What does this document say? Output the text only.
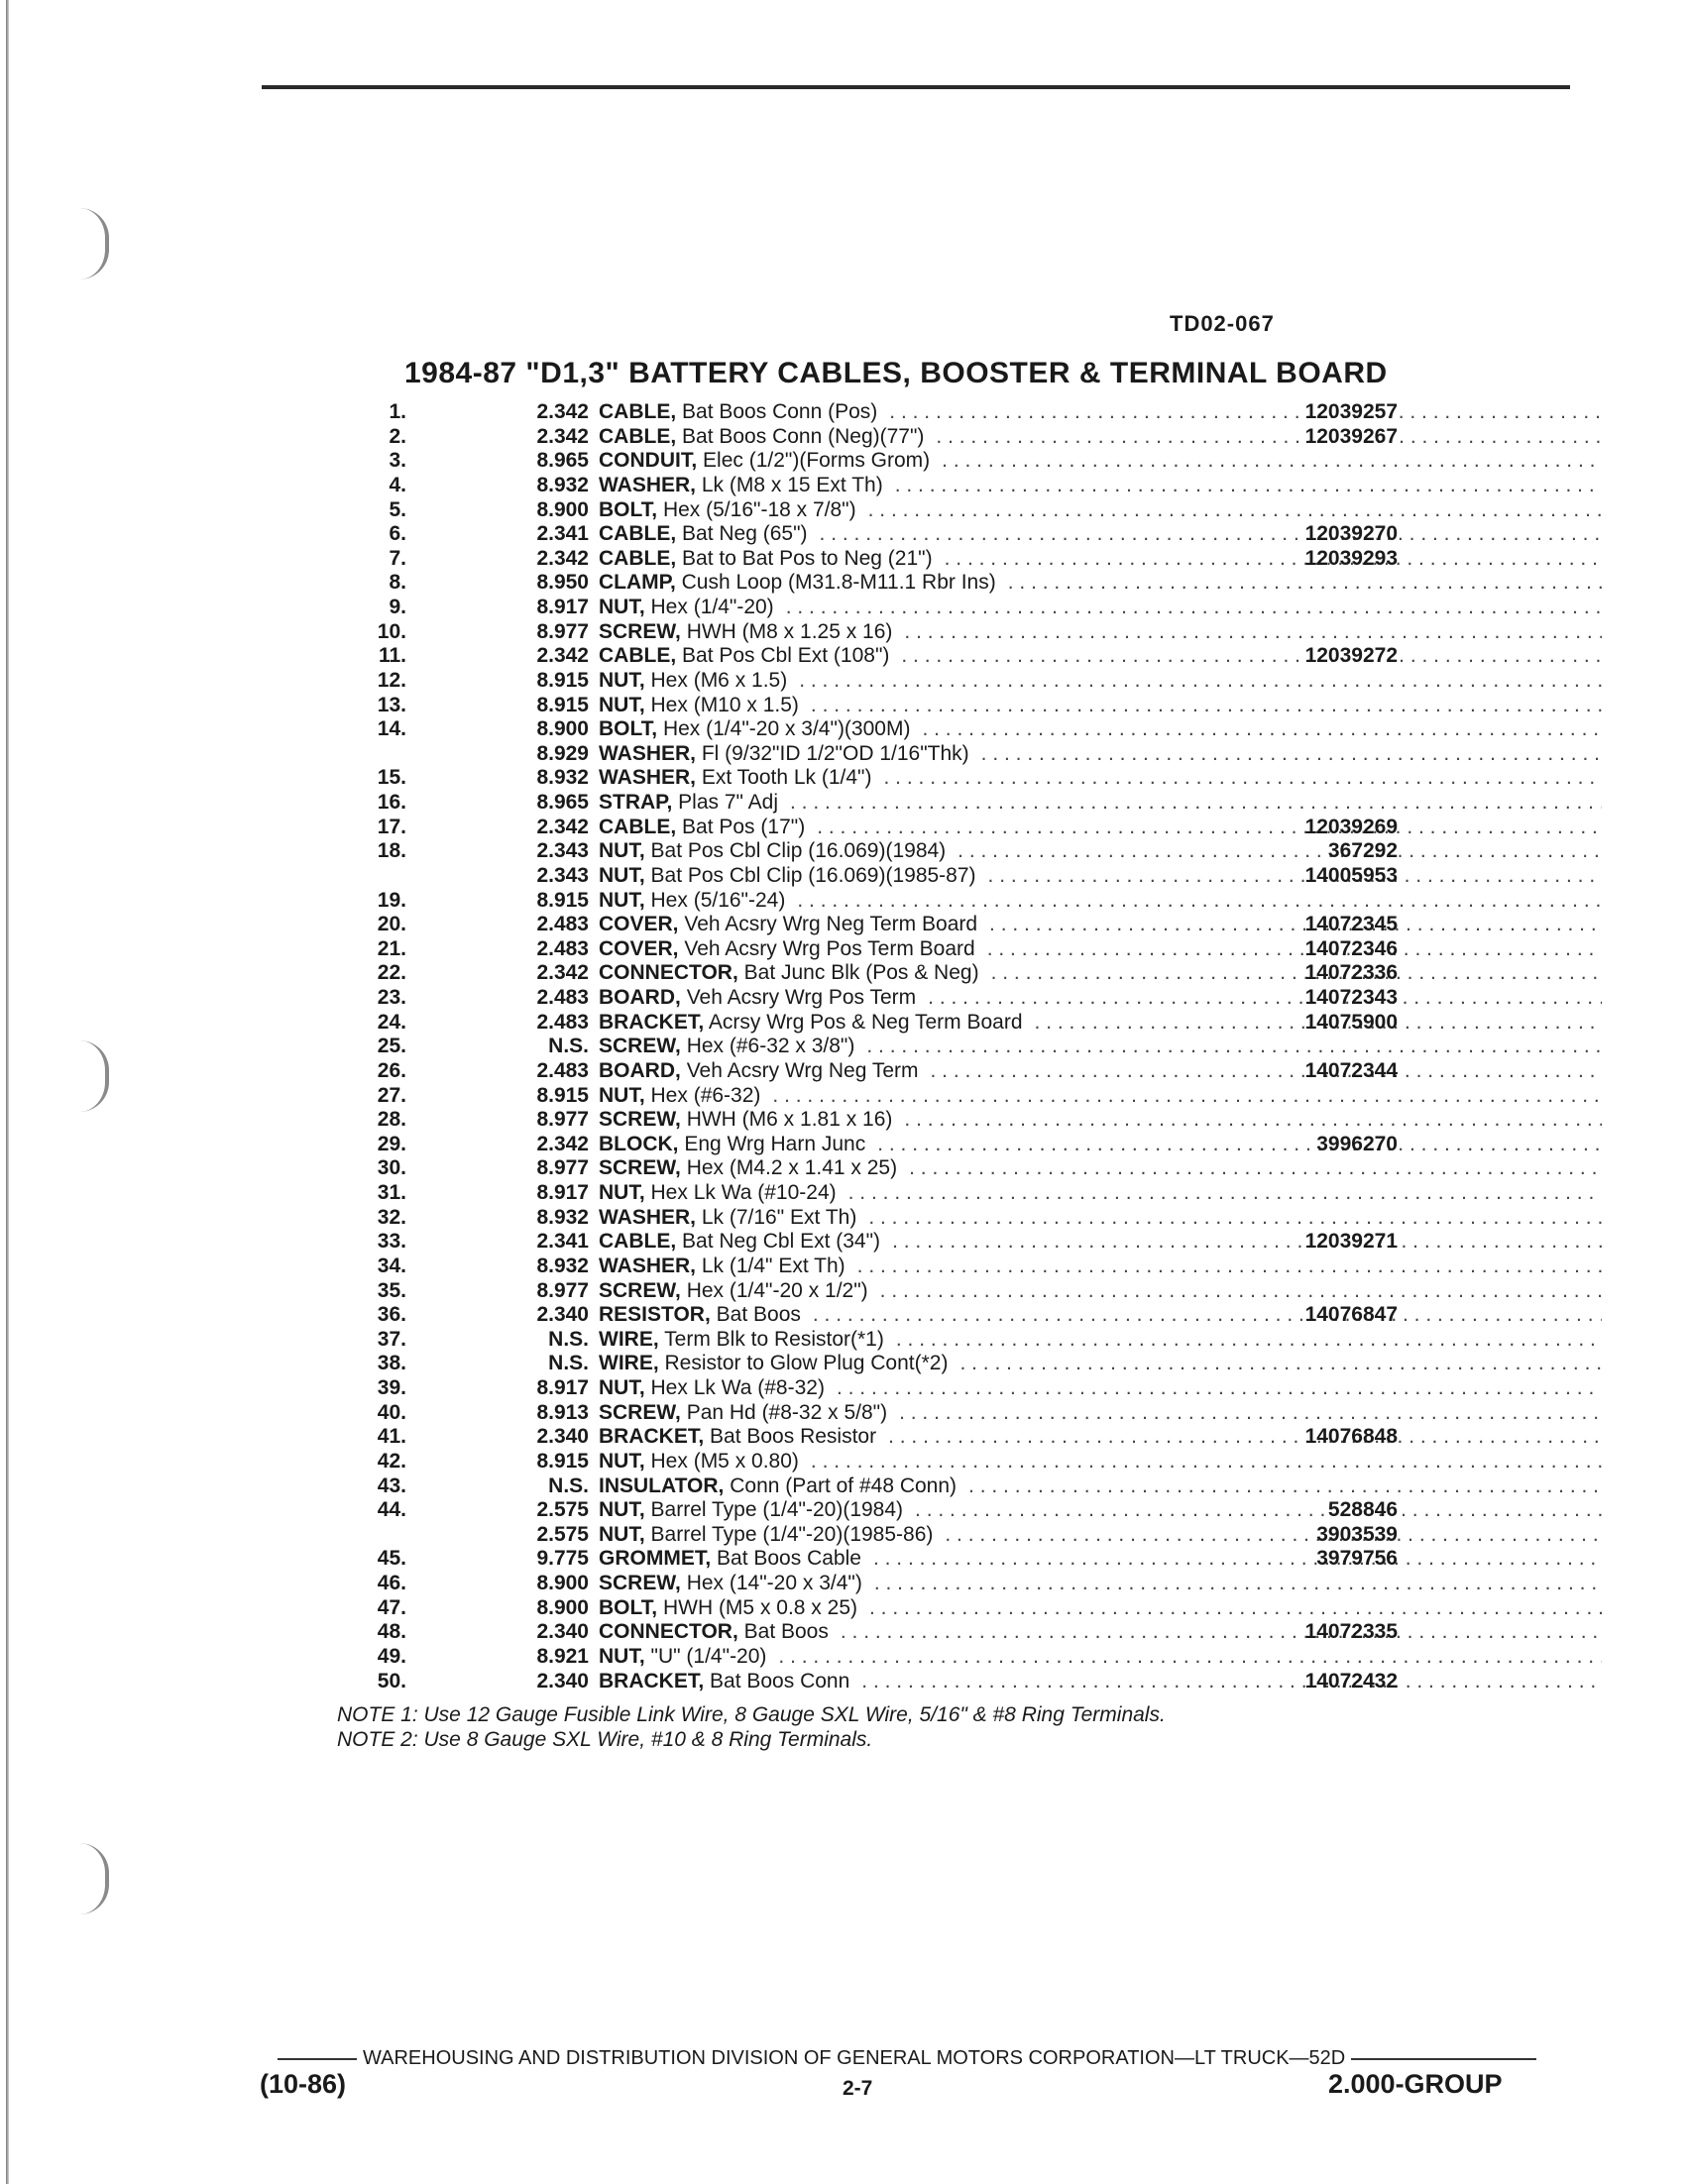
TD02-067
1984-87 "D1,3" BATTERY CABLES, BOOSTER & TERMINAL BOARD
1.	2.342 CABLE, Bat Boos Conn (Pos) . . .	12039257
2.	2.342 CABLE, Bat Boos Conn (Neg)(77") . . .	12039267
3.	8.965 CONDUIT, Elec (1/2")(Forms Grom)
. . .
4.	8.932 WASHER, Lk (M8 x 15 Ext Th)
. . .
5.	8.900 BOLT, Hex (5/16"-18 x 7/8")
. . .
6.	2.341 CABLE, Bat Neg (65") . . .	12039270
7.	2.342 CABLE, Bat to Bat Pos to Neg (21") . . .	12039293
8.	8.950 CLAMP, Cush Loop (M31.8-M11.1 Rbr Ins)
. . .
9.	8.917 NUT, Hex (1/4"-20)
. . .
10.	8.977 SCREW, HWH (M8 x 1.25 x 16)
. . .
11.	2.342 CABLE, Bat Pos Cbl Ext (108") . . .	12039272
12.	8.915 NUT, Hex (M6 x 1.5)
. . .
13.	8.915 NUT, Hex (M10 x 1.5)
. . .
14.	8.900 BOLT, Hex (1/4"-20 x 3/4")(300M)
. . .
8.929 WASHER, Fl (9/32"ID 1/2"OD 1/16"Thk)
. . .
15.	8.932 WASHER, Ext Tooth Lk (1/4")
. . .
16.	8.965 STRAP, Plas 7" Adj
. . .
17.	2.342 CABLE, Bat Pos (17") . . .	12039269
18.	2.343 NUT, Bat Pos Cbl Clip (16.069)(1984) . . .	367292
2.343 NUT, Bat Pos Cbl Clip (16.069)(1985-87) . . .	14005953
19.	8.915 NUT, Hex (5/16"-24)
. . .
20.	2.483 COVER, Veh Acsry Wrg Neg Term Board . . .	14072345
21.	2.483 COVER, Veh Acsry Wrg Pos Term Board . . .	14072346
22.	2.342 CONNECTOR, Bat Junc Blk (Pos & Neg) . . .	14072336
23.	2.483 BOARD, Veh Acsry Wrg Pos Term . . .	14072343
24.	2.483 BRACKET, Acrsy Wrg Pos & Neg Term Board . . .	14075900
25.	N.S. SCREW, Hex (#6-32 x 3/8")
. . .
26.	2.483 BOARD, Veh Acsry Wrg Neg Term . . .	14072344
27.	8.915 NUT, Hex (#6-32)
. . .
28.	8.977 SCREW, HWH (M6 x 1.81 x 16)
. . .
29.	2.342 BLOCK, Eng Wrg Harn Junc . . .	3996270
30.	8.977 SCREW, Hex (M4.2 x 1.41 x 25)
. . .
31.	8.917 NUT, Hex Lk Wa (#10-24)
. . .
32.	8.932 WASHER, Lk (7/16" Ext Th)
. . .
33.	2.341 CABLE, Bat Neg Cbl Ext (34") . . .	12039271
34.	8.932 WASHER, Lk (1/4" Ext Th)
. . .
35.	8.977 SCREW, Hex (1/4"-20 x 1/2")
. . .
36.	2.340 RESISTOR, Bat Boos . . .	14076847
37.	N.S. WIRE, Term Blk to Resistor(*1)
. . .
38.	N.S. WIRE, Resistor to Glow Plug Cont(*2)
. . .
39.	8.917 NUT, Hex Lk Wa (#8-32)
. . .
40.	8.913 SCREW, Pan Hd (#8-32 x 5/8")
. . .
41.	2.340 BRACKET, Bat Boos Resistor . . .	14076848
42.	8.915 NUT, Hex (M5 x 0.80)
. . .
43.	N.S. INSULATOR, Conn (Part of #48 Conn)
. . .
44.	2.575 NUT, Barrel Type (1/4"-20)(1984) . . .	528846
2.575 NUT, Barrel Type (1/4"-20)(1985-86) . . .	3903539
45.	9.775 GROMMET, Bat Boos Cable . . .	3979756
46.	8.900 SCREW, Hex (14"-20 x 3/4")
. . .
47.	8.900 BOLT, HWH (M5 x 0.8 x 25)
. . .
48.	2.340 CONNECTOR, Bat Boos . . .	14072335
49.	8.921 NUT, "U" (1/4"-20)
. . .
50.	2.340 BRACKET, Bat Boos Conn . . .	14072432
NOTE 1: Use 12 Gauge Fusible Link Wire, 8 Gauge SXL Wire, 5/16" & #8 Ring Terminals.
NOTE 2: Use 8 Gauge SXL Wire, #10 & 8 Ring Terminals.
WAREHOUSING AND DISTRIBUTION DIVISION OF GENERAL MOTORS CORPORATION—LT TRUCK—52D
(10-86)	2-7	2.000-GROUP
